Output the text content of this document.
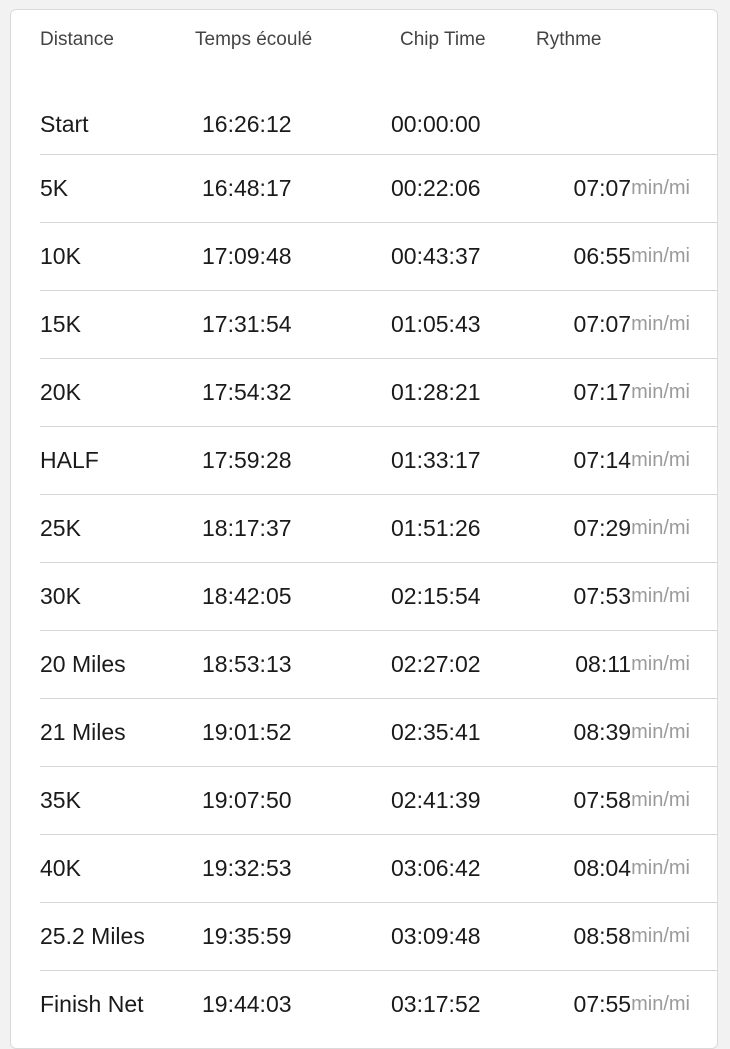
Distance	Temps écoulé	Chip Time	Rythme
Start	16:26:12	00:00:00
5K	16:48:17	00:22:06	07:07 min/mi
10K	17:09:48	00:43:37	06:55 min/mi
15K	17:31:54	01:05:43	07:07 min/mi
20K	17:54:32	01:28:21	07:17 min/mi
HALF	17:59:28	01:33:17	07:14 min/mi
25K	18:17:37	01:51:26	07:29 min/mi
30K	18:42:05	02:15:54	07:53 min/mi
20 Miles	18:53:13	02:27:02	08:11 min/mi
21 Miles	19:01:52	02:35:41	08:39 min/mi
35K	19:07:50	02:41:39	07:58 min/mi
40K	19:32:53	03:06:42	08:04 min/mi
25.2 Miles 19:35:59	03:09:48	08:58 min/mi
Finish Net	19:44:03	03:17:52	07:55 min/mi
